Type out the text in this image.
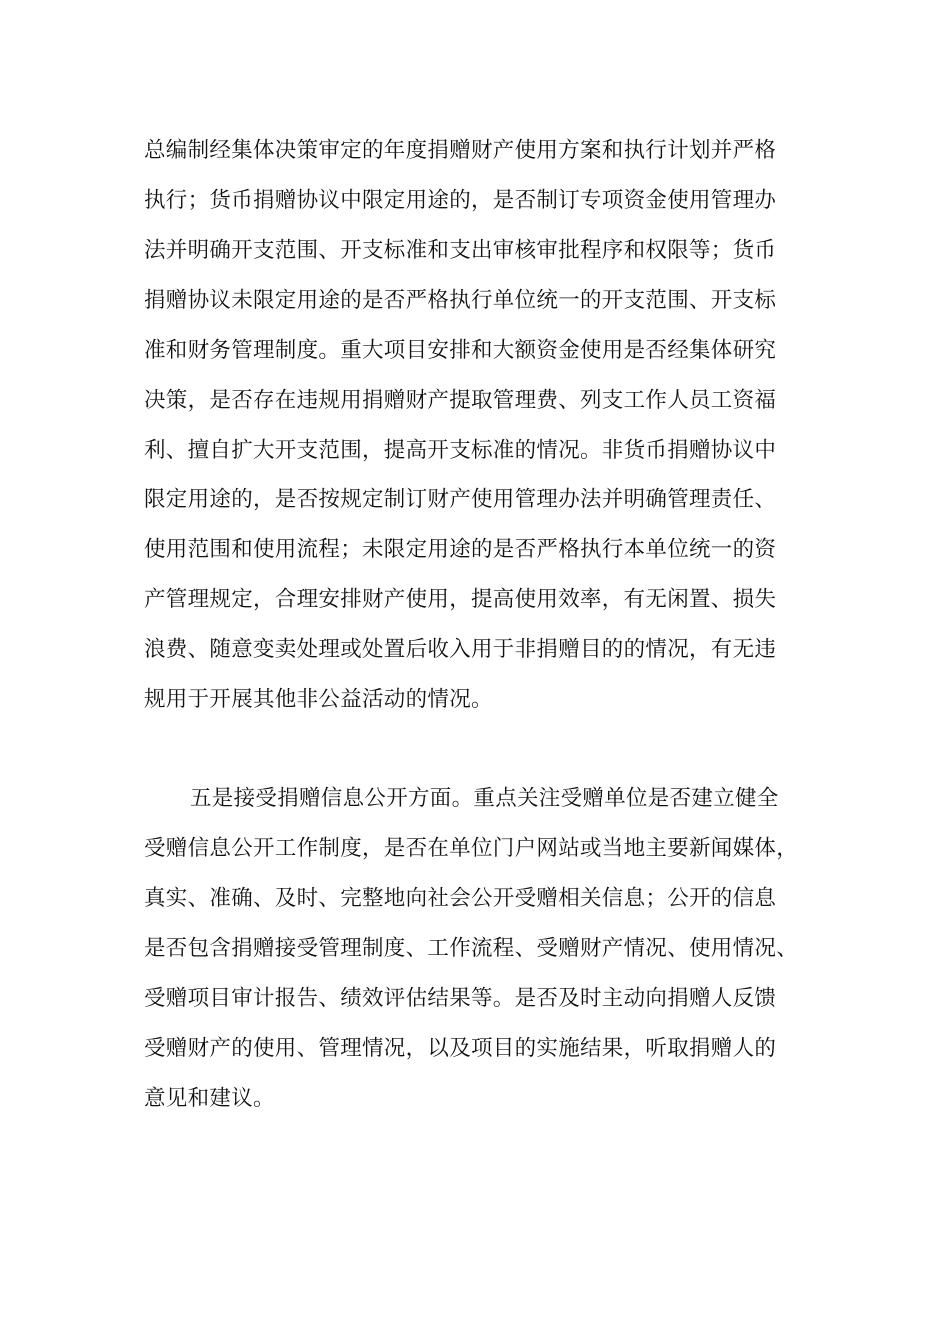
总编制经集体决策审定的年度捐赠财产使用方案和执行计划并严格
执行；货币捐赠协议中限定用途的，是否制订专项资金使用管理办
法并明确开支范围、开支标准和支出审核审批程序和权限等；货币
捐赠协议未限定用途的是否严格执行单位统一的开支范围、开支标
准和财务管理制度。重大项目安排和大额资金使用是否经集体研究
决策，是否存在违规用捐赠财产提取管理费、列支工作人员工资福
利、擅自扩大开支范围，提高开支标准的情况。非货币捐赠协议中
限定用途的，是否按规定制订财产使用管理办法并明确管理责任、
使用范围和使用流程；未限定用途的是否严格执行本单位统一的资
产管理规定，合理安排财产使用，提高使用效率，有无闲置、损失
浪费、随意变卖处理或处置后收入用于非捐赠目的的情况，有无违
规用于开展其他非公益活动的情况。
五是接受捐赠信息公开方面。重点关注受赠单位是否建立健全
受赠信息公开工作制度，是否在单位门户网站或当地主要新闻媒体，
真实、准确、及时、完整地向社会公开受赠相关信息；公开的信息
是否包含捐赠接受管理制度、工作流程、受赠财产情况、使用情况、
受赠项目审计报告、绩效评估结果等。是否及时主动向捐赠人反馈
受赠财产的使用、管理情况，以及项目的实施结果，听取捐赠人的
意见和建议。
